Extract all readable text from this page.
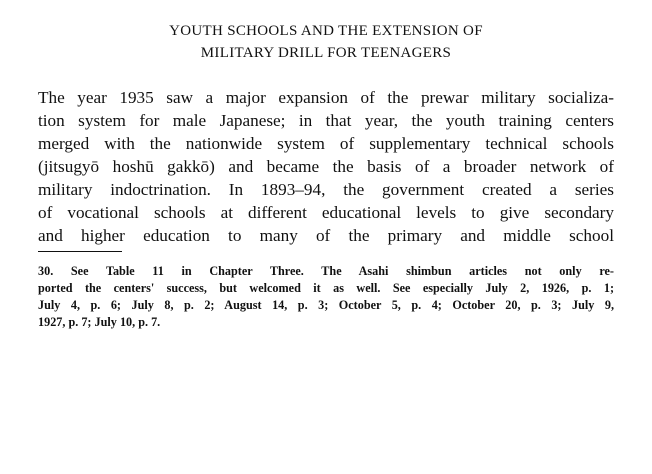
YOUTH SCHOOLS AND THE EXTENSION OF
MILITARY DRILL FOR TEENAGERS
The year 1935 saw a major expansion of the prewar military socializa-
tion system for male Japanese; in that year, the youth training centers
merged with the nationwide system of supplementary technical schools
(jitsugyō hoshū gakkō) and became the basis of a broader network of
military indoctrination. In 1893–94, the government created a series
of vocational schools at different educational levels to give secondary
and higher education to many of the primary and middle school
30. See Table 11 in Chapter Three. The Asahi shimbun articles not only re-
ported the centers' success, but welcomed it as well. See especially July 2, 1926, p. 1;
July 4, p. 6; July 8, p. 2; August 14, p. 3; October 5, p. 4; October 20, p. 3; July 9,
1927, p. 7; July 10, p. 7.
